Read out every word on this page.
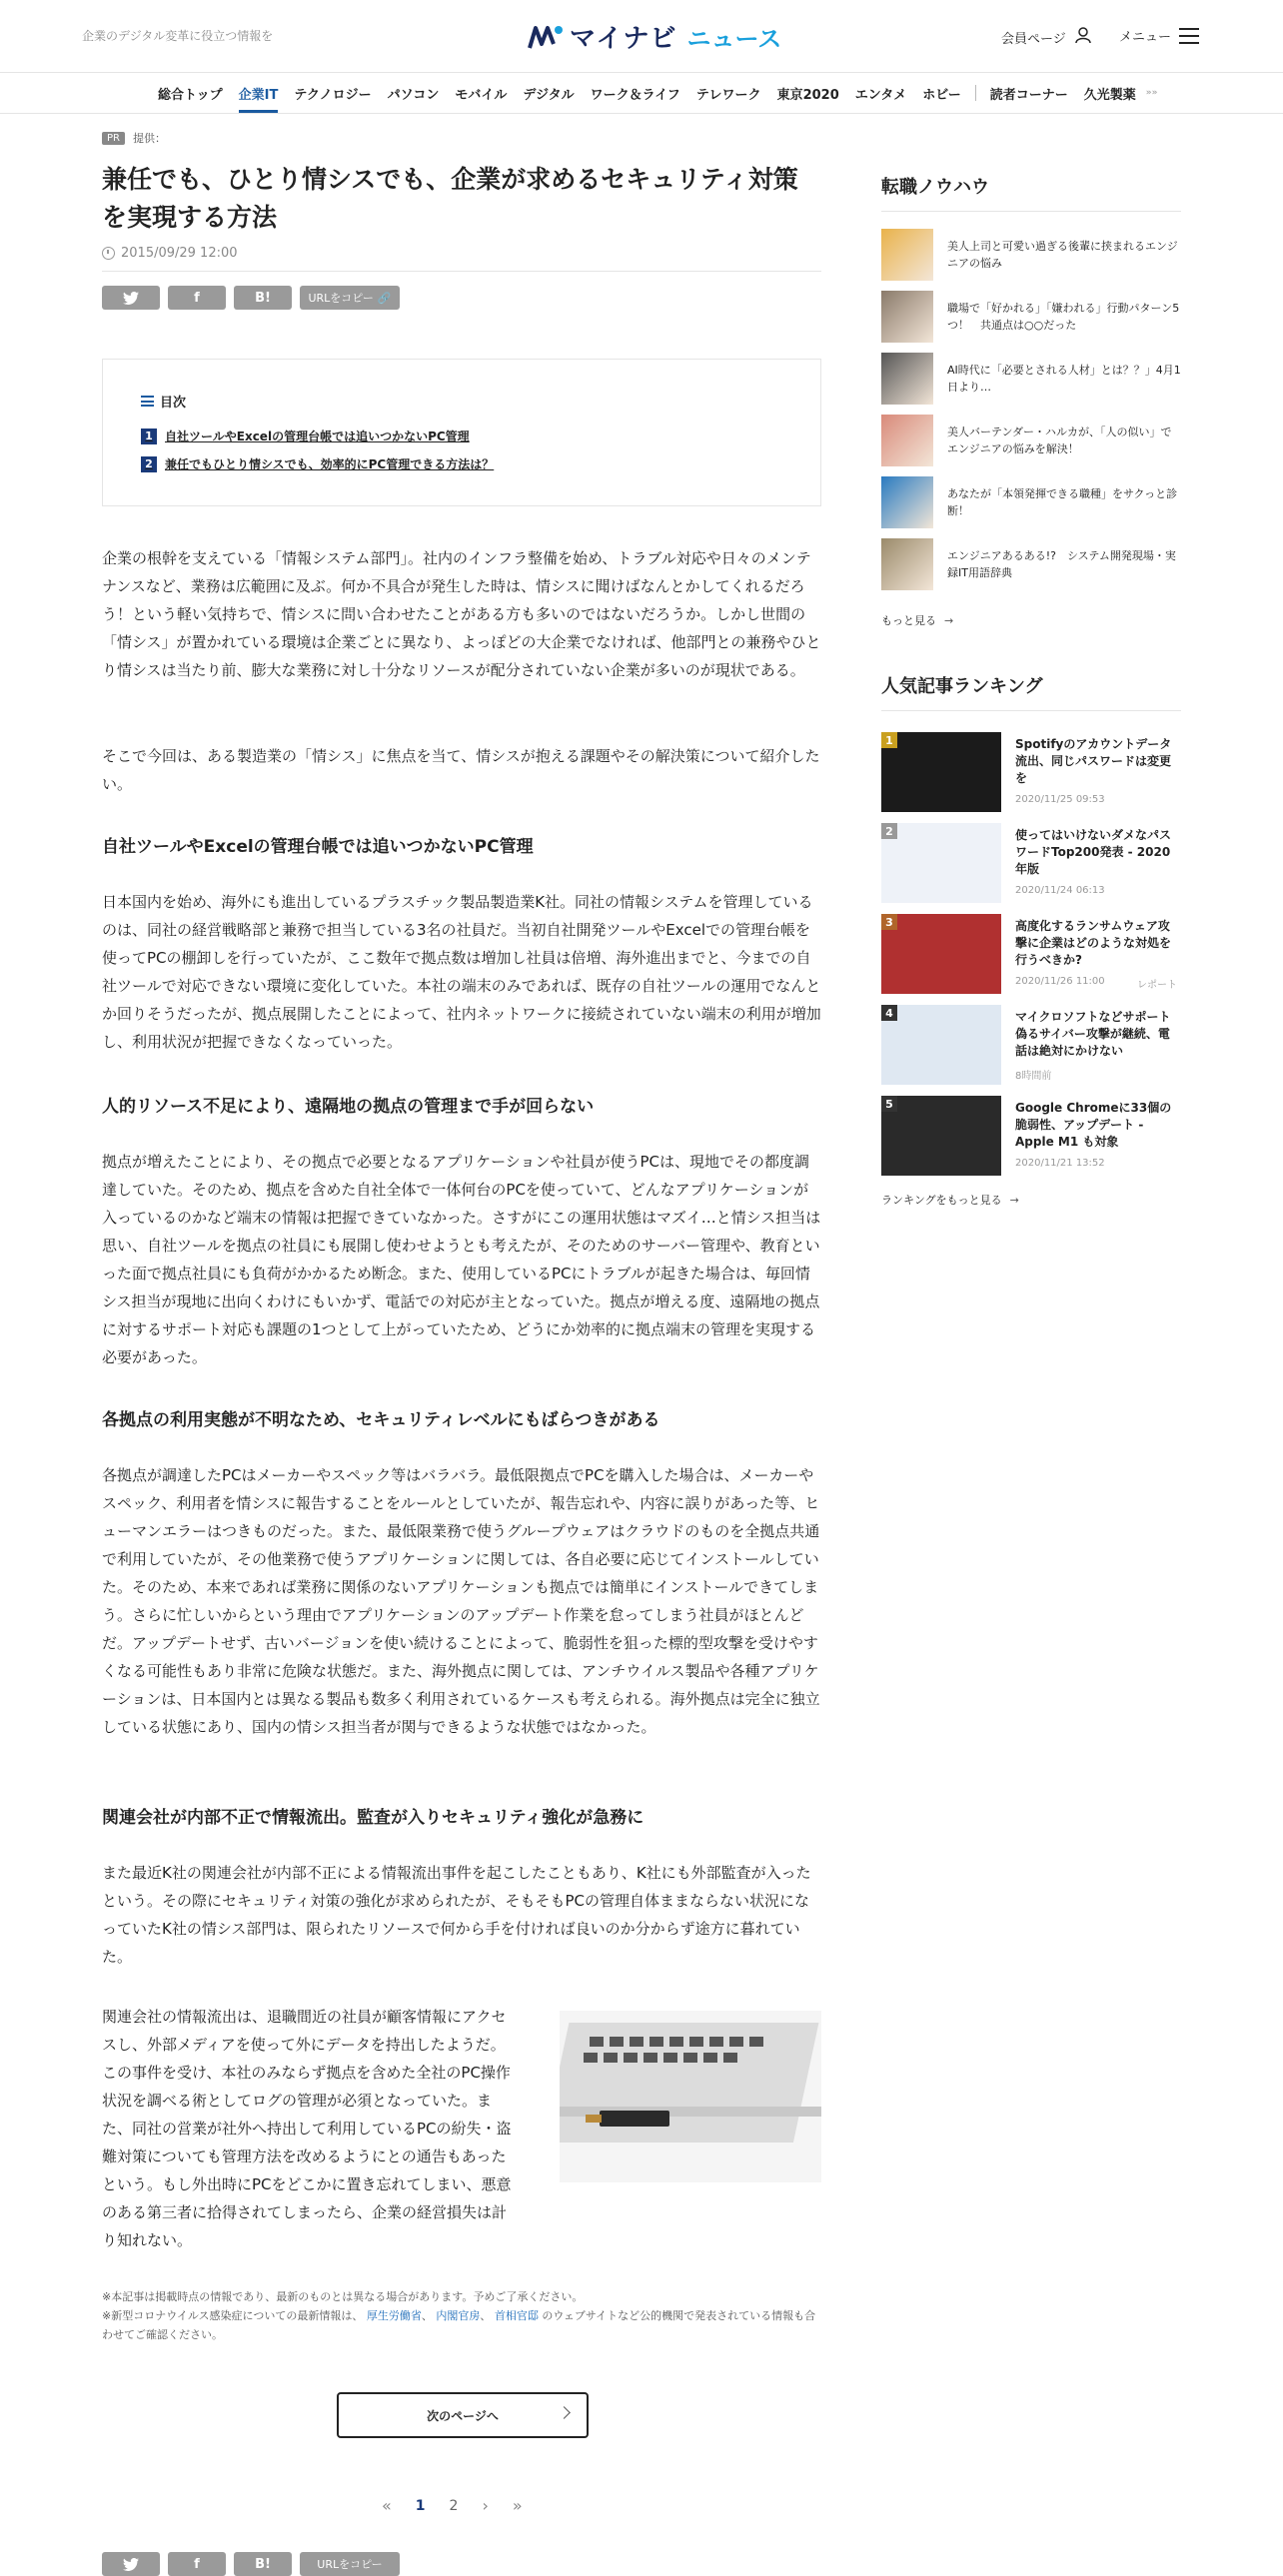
企業のデジタル変革に役立つ情報を	マイナビ ニュース	会員ページ	メニュー
総合トップ	企業IT	テクノロジー	パソコン	モバイル	デジタル	ワーク＆ライフ	テレワーク	東京2020	エンタメ	ホビー	読者コーナー	久光製薬	»»
PR	提供：
兼任でも、ひとり情シスでも、企業が求めるセキュリティ対策を実現する方法
2015/09/29 12:00
f	B!	URLをコピー 🔗
目次
1	自社ツールやExcelの管理台帳では追いつかないPC管理
2	兼任でもひとり情シスでも、効率的にPC管理できる方法は？

企業の根幹を支えている「情報システム部門」。社内のインフラ整備を始め、トラブル対応や日々のメンテナンスなど、業務は広範囲に及ぶ。何か不具合が発生した時は、情シスに聞けばなんとかしてくれるだろう！という軽い気持ちで、情シスに問い合わせたことがある方も多いのではないだろうか。しかし世間の「情シス」が置かれている環境は企業ごとに異なり、よっぽどの大企業でなければ、他部門との兼務やひとり情シスは当たり前、膨大な業務に対し十分なリソースが配分されていない企業が多いのが現状である。

そこで今回は、ある製造業の「情シス」に焦点を当て、情シスが抱える課題やその解決策について紹介したい。

自社ツールやExcelの管理台帳では追いつかないPC管理

日本国内を始め、海外にも進出しているプラスチック製品製造業K社。同社の情報システムを管理しているのは、同社の経営戦略部と兼務で担当している3名の社員だ。当初自社開発ツールやExcelでの管理台帳を使ってPCの棚卸しを行っていたが、ここ数年で拠点数は増加し社員は倍増、海外進出までと、今までの自社ツールで対応できない環境に変化していた。本社の端末のみであれば、既存の自社ツールの運用でなんとか回りそうだったが、拠点展開したことによって、社内ネットワークに接続されていない端末の利用が増加し、利用状況が把握できなくなっていった。

人的リソース不足により、遠隔地の拠点の管理まで手が回らない

拠点が増えたことにより、その拠点で必要となるアプリケーションや社員が使うPCは、現地でその都度調達していた。そのため、拠点を含めた自社全体で一体何台のPCを使っていて、どんなアプリケーションが入っているのかなど端末の情報は把握できていなかった。さすがにこの運用状態はマズイ…と情シス担当は思い、自社ツールを拠点の社員にも展開し使わせようとも考えたが、そのためのサーバー管理や、教育といった面で拠点社員にも負荷がかかるため断念。また、使用しているPCにトラブルが起きた場合は、毎回情シス担当が現地に出向くわけにもいかず、電話での対応が主となっていた。拠点が増える度、遠隔地の拠点に対するサポート対応も課題の1つとして上がっていたため、どうにか効率的に拠点端末の管理を実現する必要があった。

各拠点の利用実態が不明なため、セキュリティレベルにもばらつきがある

各拠点が調達したPCはメーカーやスペック等はバラバラ。最低限拠点でPCを購入した場合は、メーカーやスペック、利用者を情シスに報告することをルールとしていたが、報告忘れや、内容に誤りがあった等、ヒューマンエラーはつきものだった。また、最低限業務で使うグループウェアはクラウドのものを全拠点共通で利用していたが、その他業務で使うアプリケーションに関しては、各自必要に応じてインストールしていた。そのため、本来であれば業務に関係のないアプリケーションも拠点では簡単にインストールできてしまう。さらに忙しいからという理由でアプリケーションのアップデート作業を怠ってしまう社員がほとんどだ。アップデートせず、古いバージョンを使い続けることによって、脆弱性を狙った標的型攻撃を受けやすくなる可能性もあり非常に危険な状態だ。また、海外拠点に関しては、アンチウイルス製品や各種アプリケーションは、日本国内とは異なる製品も数多く利用されているケースも考えられる。海外拠点は完全に独立している状態にあり、国内の情シス担当者が関与できるような状態ではなかった。

関連会社が内部不正で情報流出。監査が入りセキュリティ強化が急務に

また最近K社の関連会社が内部不正による情報流出事件を起こしたこともあり、K社にも外部監査が入ったという。その際にセキュリティ対策の強化が求められたが、そもそもPCの管理自体ままならない状況になっていたK社の情シス部門は、限られたリソースで何から手を付ければ良いのか分からず途方に暮れていた。

関連会社の情報流出は、退職間近の社員が顧客情報にアクセスし、外部メディアを使って外にデータを持出したようだ。この事件を受け、本社のみならず拠点を含めた全社のPC操作状況を調べる術としてログの管理が必須となっていた。また、同社の営業が社外へ持出して利用しているPCの紛失・盗難対策についても管理方法を改めるようにとの通告もあったという。もし外出時にPCをどこかに置き忘れてしまい、悪意のある第三者に拾得されてしまったら、企業の経営損失は計り知れない。

※本記事は掲載時点の情報であり、最新のものとは異なる場合があります。予めご了承ください。
※新型コロナウイルス感染症についての最新情報は、 厚生労働省、 内閣官房、 首相官邸 のウェブサイトなど公的機関で発表されている情報も合わせてご確認ください。

次のページへ
« 1 2 › »
f	B!	URLをコピー
転職ノウハウ
美人上司と可愛い過ぎる後輩に挟まれるエンジニアの悩み
職場で「好かれる」「嫌われる」行動パターン5つ！　共通点は○○だった
AI時代に「必要とされる人材」とは？？」4月1日より…
美人バーテンダー・ハルカが、「人の似い」でエンジニアの悩みを解決！
あなたが「本領発揮できる職種」をサクっと診断！
エンジニアあるある!?　システム開発現場・実録IT用語辞典
もっと見る →
人気記事ランキング
1	Spotifyのアカウントデータ流出、同じパスワードは変更を
2020/11/25 09:53
2	使ってはいけないダメなパスワードTop200発表 - 2020年版
2020/11/24 06:13
3	高度化するランサムウェア攻撃に企業はどのような対処を行うべきか?
2020/11/26 11:00	レポート
4	マイクロソフトなどサポート偽るサイバー攻撃が継続、電話は絶対にかけない
8時間前
5	Google Chromeに33個の脆弱性、アップデート - Apple M1 も対象
2020/11/21 13:52
ランキングをもっと見る →
